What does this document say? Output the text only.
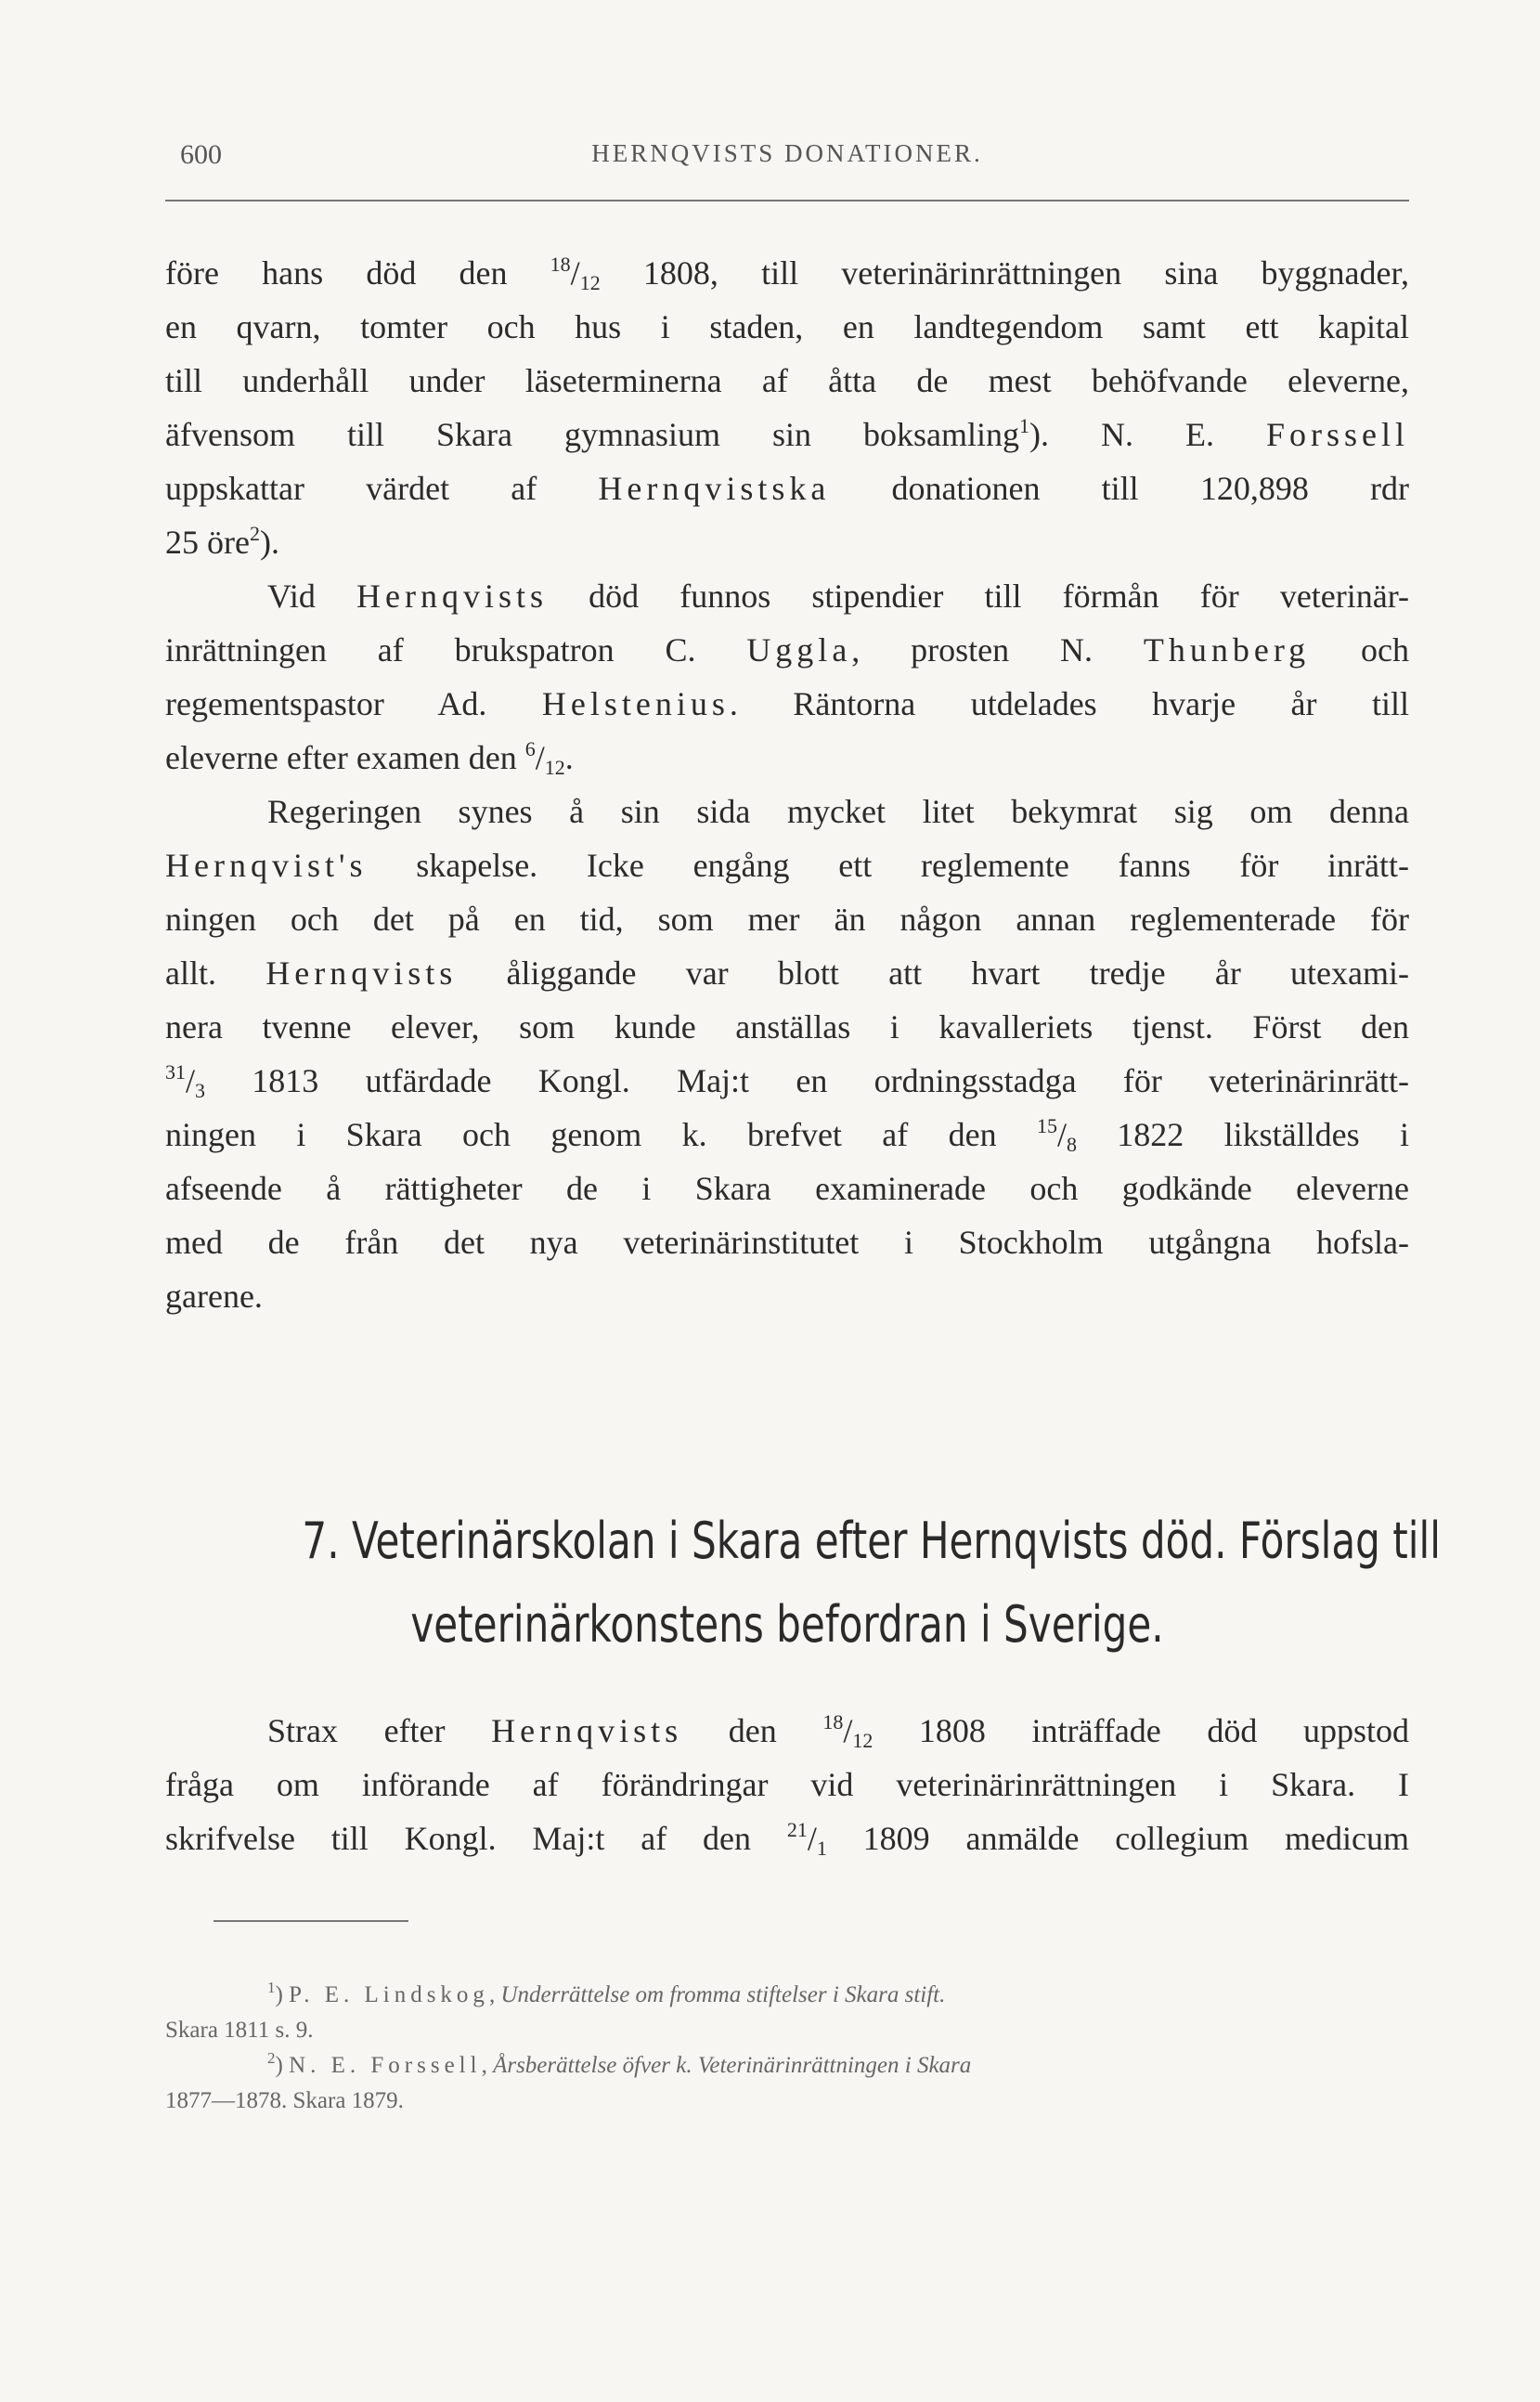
600	HERNQVISTS DONATIONER.
före hans död den $^{18}/_{12}$ 1808, till veterinärinrättningen sina byggnader,
en qvarn, tomter och hus i staden, en landtegendom samt ett kapital
till underhåll under läseterminerna af åtta de mest behöfvande eleverne,
äfvensom till Skara gymnasium sin boksamling$^1$). N. E. Forssell
uppskattar värdet af Hernqvistska donationen till 120,898 rdr
25 öre$^2$).
Vid Hernqvists död funnos stipendier till förmån för veterinär-
inrättningen af brukspatron C. Uggla, prosten N. Thunberg och
regementspastor Ad. Helstenius. Räntorna utdelades hvarje år till
eleverne efter examen den $^6/_{12}$.
Regeringen synes å sin sida mycket litet bekymrat sig om denna
Hernqvist's skapelse. Icke engång ett reglemente fanns för inrätt-
ningen och det på en tid, som mer än någon annan reglementerade för
allt. Hernqvists åliggande var blott att hvart tredje år utexami-
nera tvenne elever, som kunde anställas i kavalleriets tjenst. Först den
$^{31}/_3$ 1813 utfärdade Kongl. Maj:t en ordningsstadga för veterinärinrätt-
ningen i Skara och genom k. brefvet af den $^{15}/_8$ 1822 likställdes i
afseende å rättigheter de i Skara examinerade och godkände eleverne
med de från det nya veterinärinstitutet i Stockholm utgångna hofsla-
garene.
7. Veterinärskolan i Skara efter Hernqvists död. Förslag till
veterinärkonstens befordran i Sverige.
Strax efter Hernqvists den $^{18}/_{12}$ 1808 inträffade död uppstod
fråga om införande af förändringar vid veterinärinrättningen i Skara. I
skrifvelse till Kongl. Maj:t af den $^{21}/_1$ 1809 anmälde collegium medicum
$^1$) P. E. Lindskog, Underrättelse om fromma stiftelser i Skara stift.
Skara 1811 s. 9.
$^2$) N. E. Forssell, Årsberättelse öfver k. Veterinärinrättningen i Skara
1877—1878. Skara 1879.
